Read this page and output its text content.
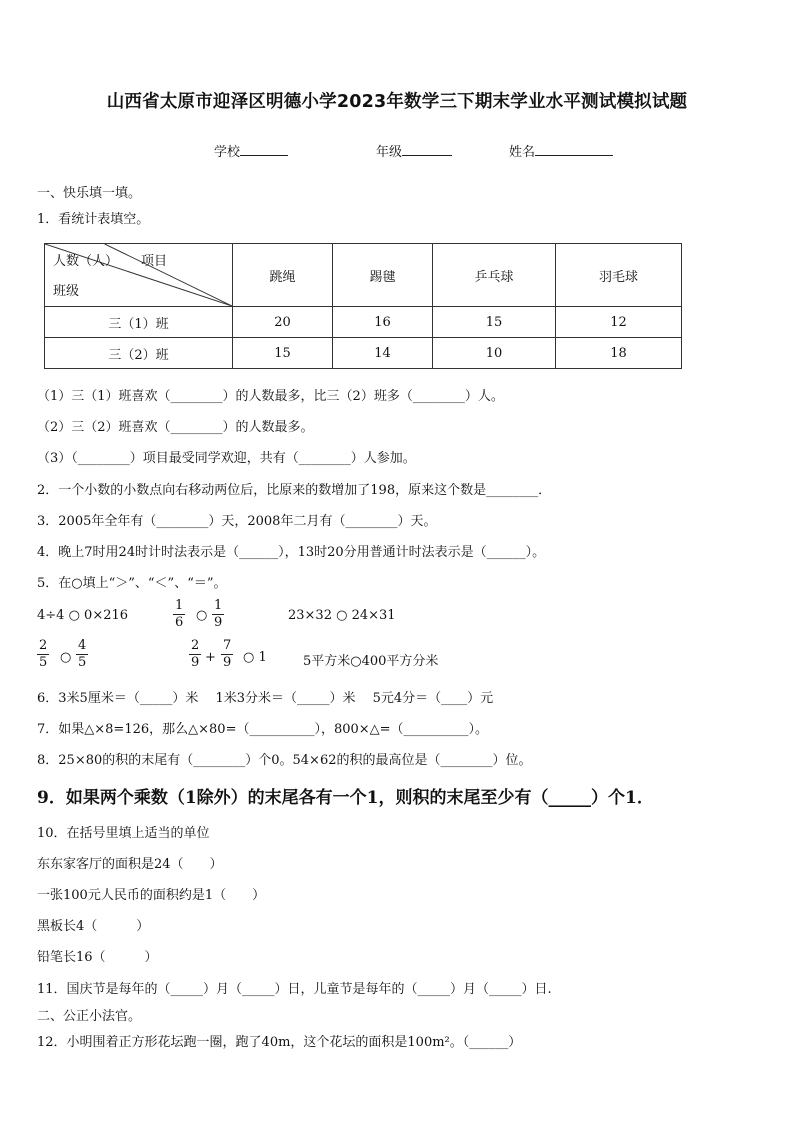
山西省太原市迎泽区明德小学2023年数学三下期末学业水平测试模拟试题
学校	年级	姓名
一、快乐填一填。
1．看统计表填空。
人数（人） 项目
班级	跳绳	踢毽	乒乓球	羽毛球
三（1）班	20	16	15	12
三（2）班	15	14	10	18
（1）三（1）班喜欢（________）的人数最多，比三（2）班多（________）人。
（2）三（2）班喜欢（________）的人数最多。
（3）（________）项目最受同学欢迎，共有（________）人参加。
2．一个小数的小数点向右移动两位后，比原来的数增加了198，原来这个数是________．
3．2005年全年有（________）天，2008年二月有（________）天。
4．晚上7时用24时计时法表示是（______），13时20分用普通计时法表示是（______）。
5．在○填上“＞”、“＜”、“＝”。
4÷4 ○ 0×216
1
6 ○
1
9	23×32 ○ 24×31
2
5 ○
4
5
2
9 +
7
9 ○ 1	5平方米○400平方分米
6．3米5厘米＝（_____）米　 1米3分米＝（_____）米　 5元4分＝（____）元
7．如果△×8=126，那么△×80=（__________），800×△=（__________）。
8．25×80的积的末尾有（________）个0。54×62的积的最高位是（________）位。
9．如果两个乘数（1除外）的末尾各有一个1，则积的末尾至少有（_____）个1．
10．在括号里填上适当的单位
东东家客厅的面积是24（　　）
一张100元人民币的面积约是1（　　）
黑板长4（　　　）
铅笔长16（　　　）
11．国庆节是每年的（_____）月（_____）日，儿童节是每年的（_____）月（_____）日.
二、公正小法官。
12．小明围着正方形花坛跑一圈，跑了40m，这个花坛的面积是100m²。（______）
